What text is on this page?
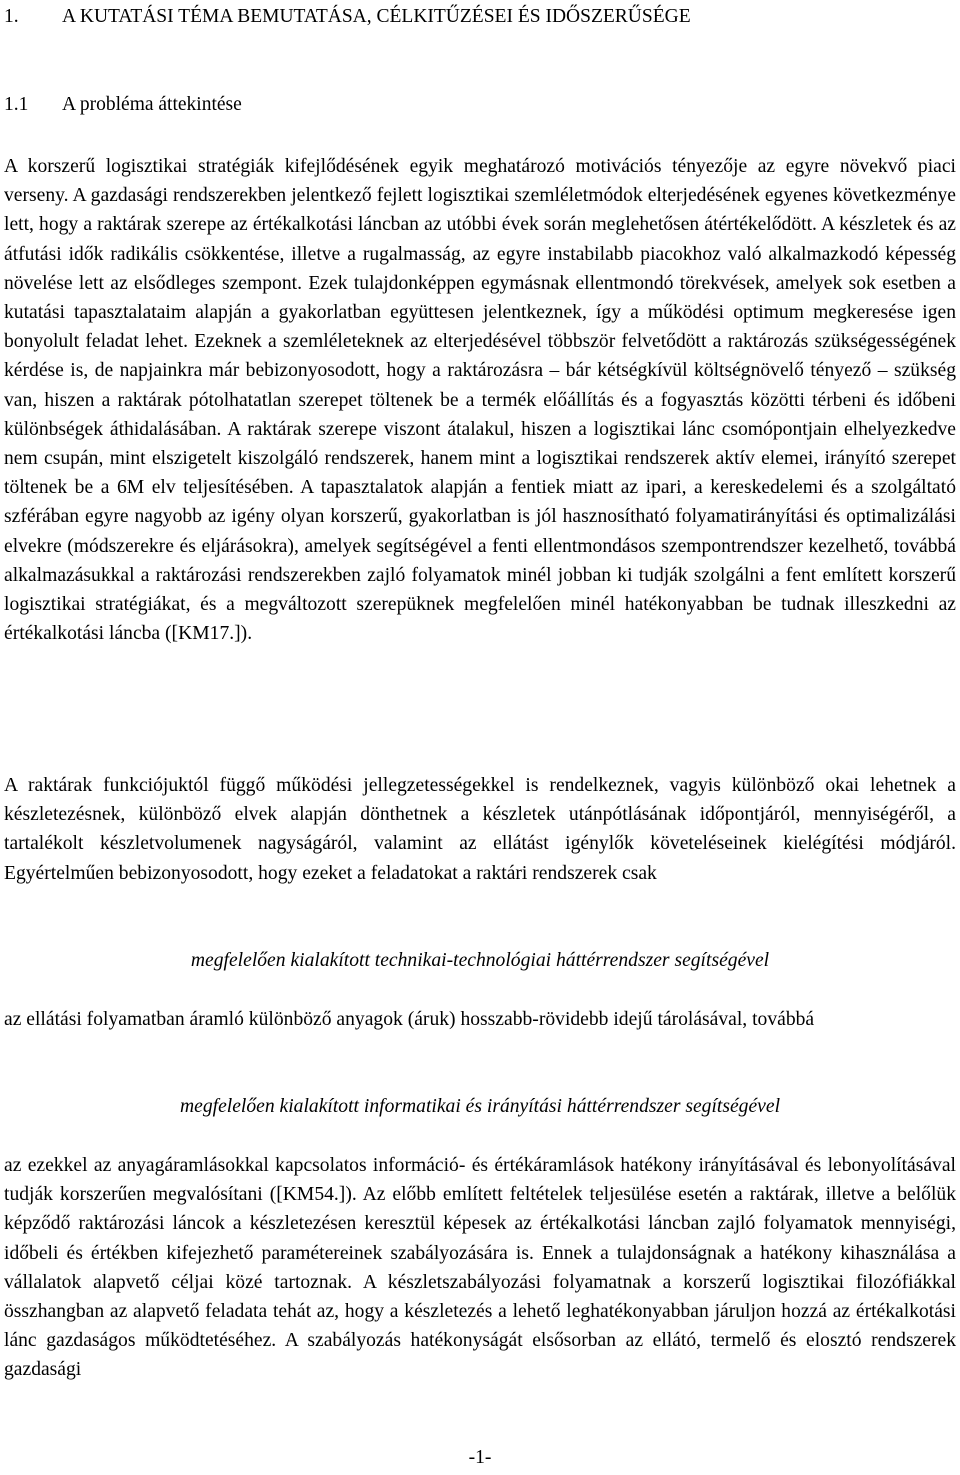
1. A KUTATÁSI TÉMA BEMUTATÁSA, CÉLKITŰZÉSEI ÉS IDŐSZERŰSÉGE
1.1 A probléma áttekintése

A korszerű logisztikai stratégiák kifejlődésének egyik meghatározó motivációs tényezője az egyre növekvő piaci verseny. A gazdasági rendszerekben jelentkező fejlett logisztikai szemléletmódok elterjedésének egyenes következménye lett, hogy a raktárak szerepe az értékalkotási láncban az utóbbi évek során meglehetősen átértékelődött. A készletek és az átfutási idők radikális csökkentése, illetve a rugalmasság, az egyre instabilabb piacokhoz való alkalmazkodó képesség növelése lett az elsődleges szempont. Ezek tulajdonképpen egymásnak ellentmondó törekvések, amelyek sok esetben a kutatási tapasztalataim alapján a gyakorlatban együttesen jelentkeznek, így a működési optimum megkeresése igen bonyolult feladat lehet. Ezeknek a szemléleteknek az elterjedésével többször felvetődött a raktározás szükségességének kérdése is, de napjainkra már bebizonyosodott, hogy a raktározásra – bár kétségkívül költségnövelő tényező – szükség van, hiszen a raktárak pótolhatatlan szerepet töltenek be a termék előállítás és a fogyasztás közötti térbeni és időbeni különbségek áthidalásában. A raktárak szerepe viszont átalakul, hiszen a logisztikai lánc csomópontjain elhelyezkedve nem csupán, mint elszigetelt kiszolgáló rendszerek, hanem mint a logisztikai rendszerek aktív elemei, irányító szerepet töltenek be a 6M elv teljesítésében. A tapasztalatok alapján a fentiek miatt az ipari, a kereskedelemi és a szolgáltató szférában egyre nagyobb az igény olyan korszerű, gyakorlatban is jól hasznosítható folyamatirányítási és optimalizálási elvekre (módszerekre és eljárásokra), amelyek segítségével a fenti ellentmondásos szempontrendszer kezelhető, továbbá alkalmazásukkal a raktározási rendszerekben zajló folyamatok minél jobban ki tudják szolgálni a fent említett korszerű logisztikai stratégiákat, és a megváltozott szerepüknek megfelelően minél hatékonyabban be tudnak illeszkedni az értékalkotási láncba ([KM17.]).

A raktárak funkciójuktól függő működési jellegzetességekkel is rendelkeznek, vagyis különböző okai lehetnek a készletezésnek, különböző elvek alapján dönthetnek a készletek utánpótlásának időpontjáról, mennyiségéről, a tartalékolt készletvolumenek nagyságáról, valamint az ellátást igénylők követeléseinek kielégítési módjáról. Egyértelműen bebizonyosodott, hogy ezeket a feladatokat a raktári rendszerek csak

megfelelően kialakított technikai-technológiai háttérrendszer segítségével

az ellátási folyamatban áramló különböző anyagok (áruk) hosszabb-rövidebb idejű tárolásával, továbbá

megfelelően kialakított informatikai és irányítási háttérrendszer segítségével

az ezekkel az anyagáramlásokkal kapcsolatos információ- és értékáramlások hatékony irányításával és lebonyolításával tudják korszerűen megvalósítani ([KM54.]). Az előbb említett feltételek teljesülése esetén a raktárak, illetve a belőlük képződő raktározási láncok a készletezésen keresztül képesek az értékalkotási láncban zajló folyamatok mennyiségi, időbeli és értékben kifejezhető paramétereinek szabályozására is. Ennek a tulajdonságnak a hatékony kihasználása a vállalatok alapvető céljai közé tartoznak. A készletszabályozási folyamatnak a korszerű logisztikai filozófiákkal összhangban az alapvető feladata tehát az, hogy a készletezés a lehető leghatékonyabban járuljon hozzá az értékalkotási lánc gazdaságos működtetéséhez. A szabályozás hatékonyságát elsősorban az ellátó, termelő és elosztó rendszerek gazdasági

-1-
